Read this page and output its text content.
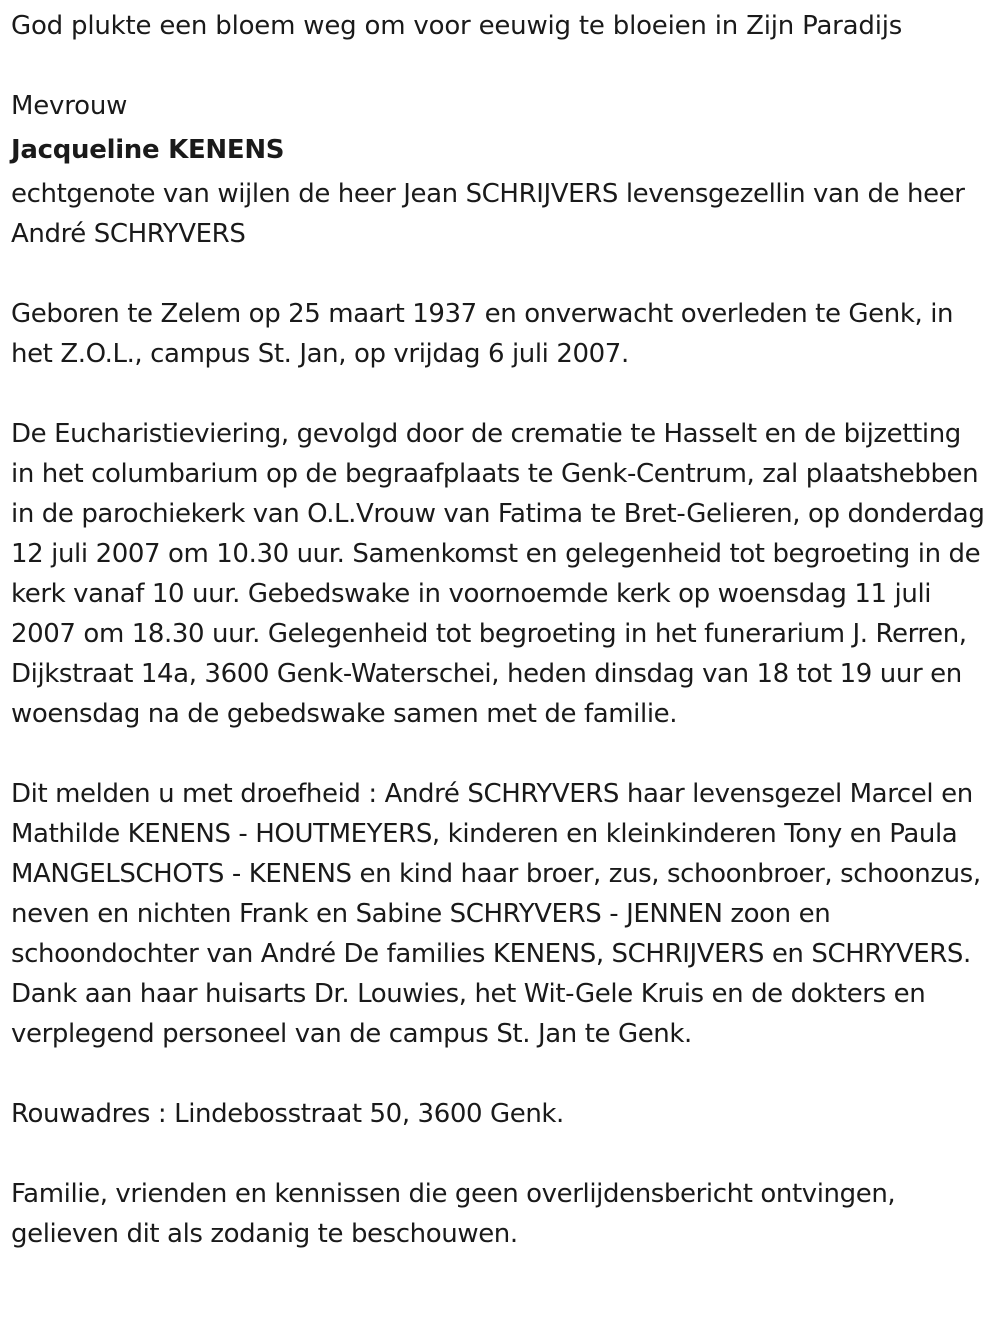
God plukte een bloem weg om voor eeuwig te bloeien in Zijn Paradijs

Mevrouw

Jacqueline KENENS

echtgenote van wijlen de heer Jean SCHRIJVERS levensgezellin van de heer André SCHRYVERS

Geboren te Zelem op 25 maart 1937 en onverwacht overleden te Genk, in het Z.O.L., campus St. Jan, op vrijdag 6 juli 2007.

De Eucharistieviering, gevolgd door de crematie te Hasselt en de bijzetting in het columbarium op de begraafplaats te Genk-Centrum, zal plaatshebben in de parochiekerk van O.L.Vrouw van Fatima te Bret-Gelieren, op donderdag 12 juli 2007 om 10.30 uur. Samenkomst en gelegenheid tot begroeting in de kerk vanaf 10 uur. Gebedswake in voornoemde kerk op woensdag 11 juli 2007 om 18.30 uur. Gelegenheid tot begroeting in het funerarium J. Rerren, Dijkstraat 14a, 3600 Genk-Waterschei, heden dinsdag van 18 tot 19 uur en woensdag na de gebedswake samen met de familie.

Dit melden u met droefheid : André SCHRYVERS haar levensgezel Marcel en Mathilde KENENS - HOUTMEYERS, kinderen en kleinkinderen Tony en Paula MANGELSCHOTS - KENENS en kind haar broer, zus, schoonbroer, schoonzus, neven en nichten Frank en Sabine SCHRYVERS - JENNEN zoon en schoondochter van André De families KENENS, SCHRIJVERS en SCHRYVERS. Dank aan haar huisarts Dr. Louwies, het Wit-Gele Kruis en de dokters en verplegend personeel van de campus St. Jan te Genk.

Rouwadres : Lindebosstraat 50, 3600 Genk.

Familie, vrienden en kennissen die geen overlijdensbericht ontvingen, gelieven dit als zodanig te beschouwen.
